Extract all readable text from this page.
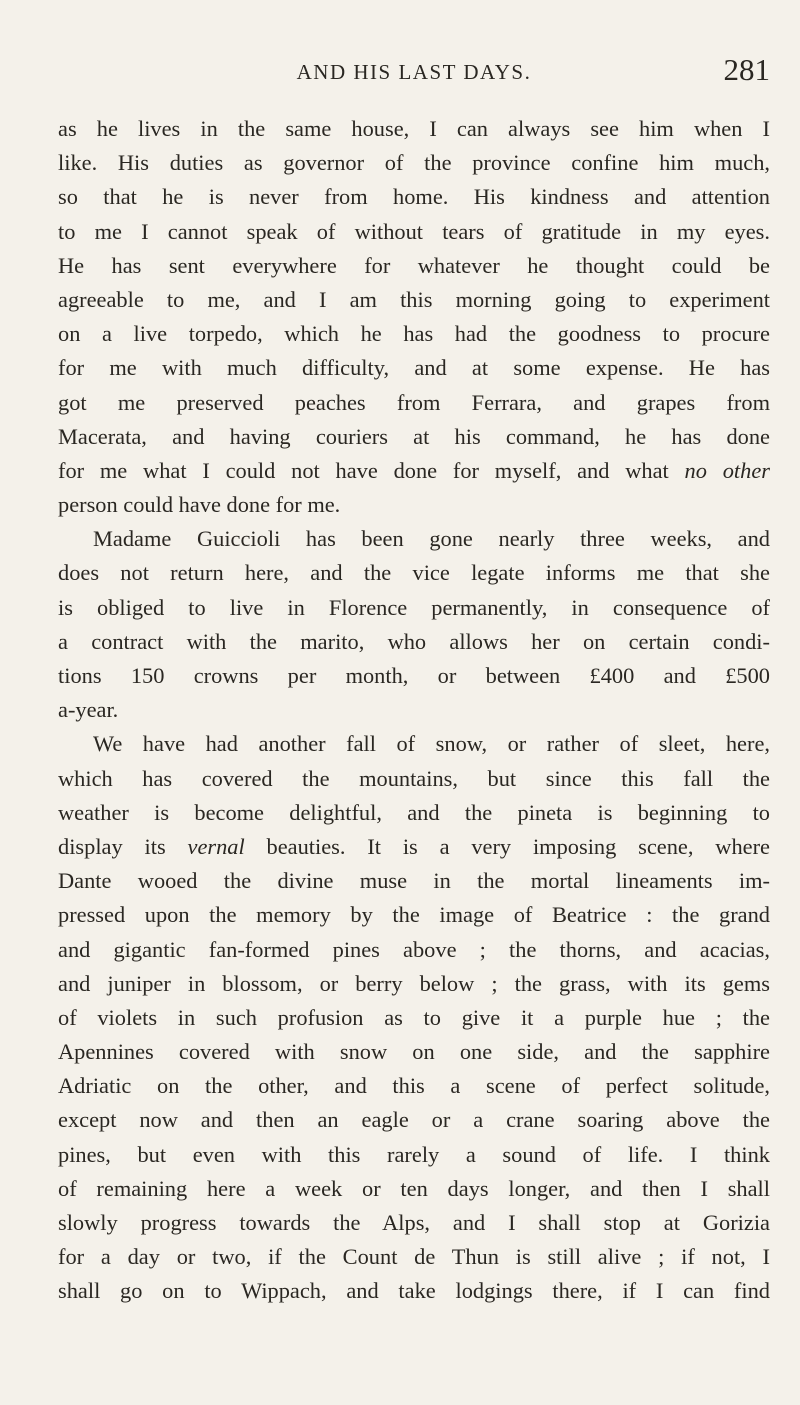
AND HIS LAST DAYS.	281
as he lives in the same house, I can always see him when I
like. His duties as governor of the province confine him much,
so that he is never from home. His kindness and attention
to me I cannot speak of without tears of gratitude in my eyes.
He has sent everywhere for whatever he thought could be
agreeable to me, and I am this morning going to experiment
on a live torpedo, which he has had the goodness to procure
for me with much difficulty, and at some expense. He has
got me preserved peaches from Ferrara, and grapes from
Macerata, and having couriers at his command, he has done
for me what I could not have done for myself, and what no other
person could have done for me.
Madame Guiccioli has been gone nearly three weeks, and
does not return here, and the vice legate informs me that she
is obliged to live in Florence permanently, in consequence of
a contract with the marito, who allows her on certain condi-
tions 150 crowns per month, or between £400 and £500
a-year.
We have had another fall of snow, or rather of sleet, here,
which has covered the mountains, but since this fall the
weather is become delightful, and the pineta is beginning to
display its vernal beauties. It is a very imposing scene, where
Dante wooed the divine muse in the mortal lineaments im-
pressed upon the memory by the image of Beatrice : the grand
and gigantic fan-formed pines above ; the thorns, and acacias,
and juniper in blossom, or berry below ; the grass, with its gems
of violets in such profusion as to give it a purple hue ; the
Apennines covered with snow on one side, and the sapphire
Adriatic on the other, and this a scene of perfect solitude,
except now and then an eagle or a crane soaring above the
pines, but even with this rarely a sound of life. I think
of remaining here a week or ten days longer, and then I shall
slowly progress towards the Alps, and I shall stop at Gorizia
for a day or two, if the Count de Thun is still alive ; if not, I
shall go on to Wippach, and take lodgings there, if I can find
